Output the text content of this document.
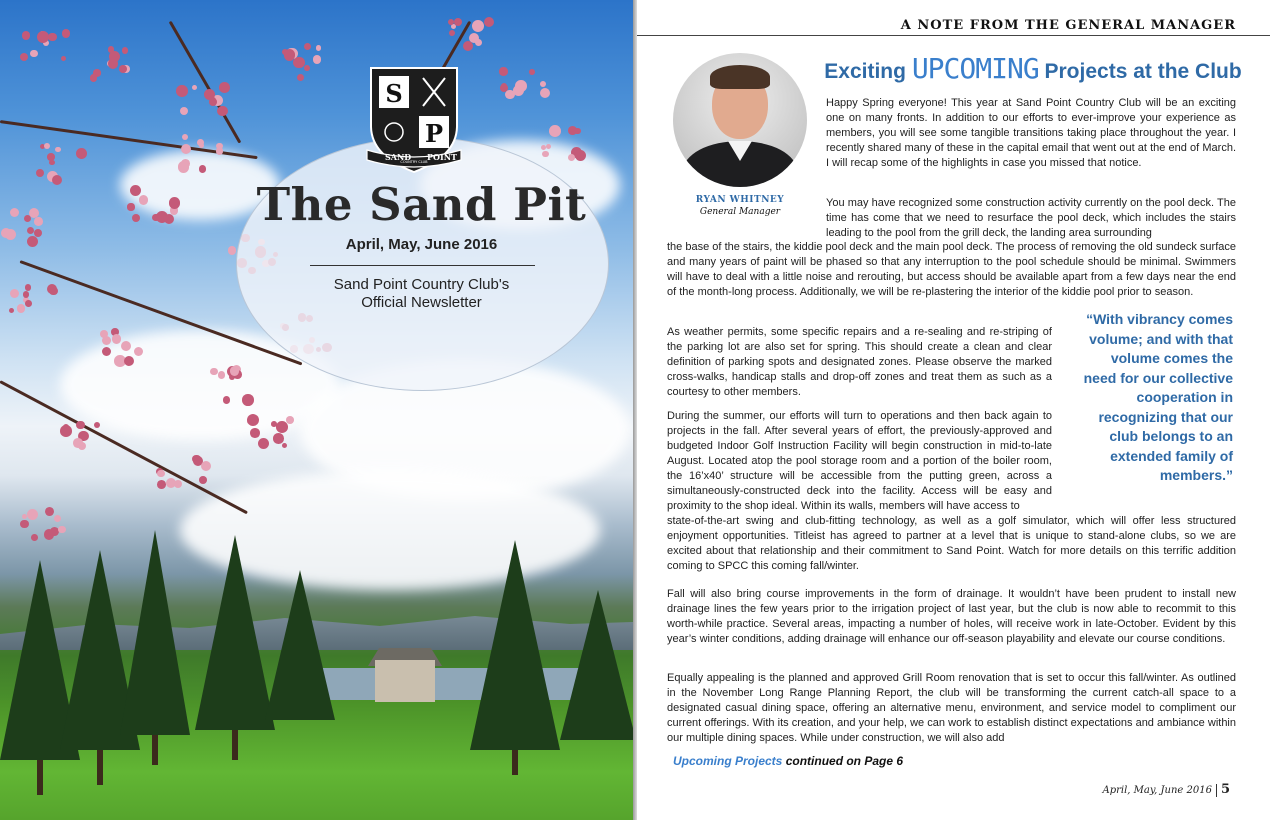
S
P
SAND
COUNTRY CLUB POINT
The Sand Pit
April, May, June 2016
Sand Point Country Club's
Official Newsletter
A NOTE FROM THE GENERAL MANAGER
RYAN WHITNEY
General Manager
Exciting UPCOMING Projects at the Club

Happy Spring everyone! This year at Sand Point Country Club will be an exciting one on many fronts. In addition to our efforts to ever-improve your experience as members, you will see some tangible transitions taking place throughout the year. I recently shared many of these in the capital email that went out at the end of March. I will recap some of the highlights in case you missed that notice.

You may have recognized some construction activity currently on the pool deck. The time has come that we need to resurface the pool deck, which includes the stairs leading to the pool from the grill deck, the landing area surrounding

the base of the stairs, the kiddie pool deck and the main pool deck. The process of removing the old sundeck surface and many years of paint will be phased so that any interruption to the pool schedule should be minimal. Swimmers will have to deal with a little noise and rerouting, but access should be available apart from a few days near the end of the month-long process. Additionally, we will be re-plastering the interior of the kiddie pool prior to season.

As weather permits, some specific repairs and a re-sealing and re-striping of the parking lot are also set for spring. This should create a clean and clear definition of parking spots and designated zones. Please observe the marked cross-walks, handicap stalls and drop-off zones and treat them as such as a courtesy to other members.

During the summer, our efforts will turn to operations and then back again to projects in the fall. After several years of effort, the previously-approved and budgeted Indoor Golf Instruction Facility will begin construction in mid-to-late August. Located atop the pool storage room and a portion of the boiler room, the 16’x40’ structure will be accessible from the putting green, across a simultaneously-constructed deck into the facility. Access will be easy and proximity to the shop ideal. Within its walls, members will have access to

state-of-the-art swing and club-fitting technology, as well as a golf simulator, which will offer less structured enjoyment opportunities. Titleist has agreed to partner at a level that is unique to stand-alone clubs, so we are excited about that relationship and their commitment to Sand Point. Watch for more details on this terrific addition coming to SPCC this coming fall/winter.

Fall will also bring course improvements in the form of drainage. It wouldn’t have been prudent to install new drainage lines the few years prior to the irrigation project of last year, but the club is now able to recommit to this worth-while practice. Several areas, impacting a number of holes, will receive work in late-October. Evident by this year’s winter conditions, adding drainage will enhance our off-season playability and elevate our course conditions.

Equally appealing is the planned and approved Grill Room renovation that is set to occur this fall/winter. As outlined in the November Long Range Planning Report, the club will be transforming the current catch-all space to a designated casual dining space, offering an alternative menu, environment, and service model to compliment our current offerings. With its creation, and your help, we can work to establish distinct expectations and ambiance within our multiple dining spaces. While under construction, we will also add

“With vibrancy comes volume; and with that volume comes the need for our collective cooperation in recognizing that our club belongs to an extended family of members.”
Upcoming Projects continued on Page 6
April, May, June 2016 5
